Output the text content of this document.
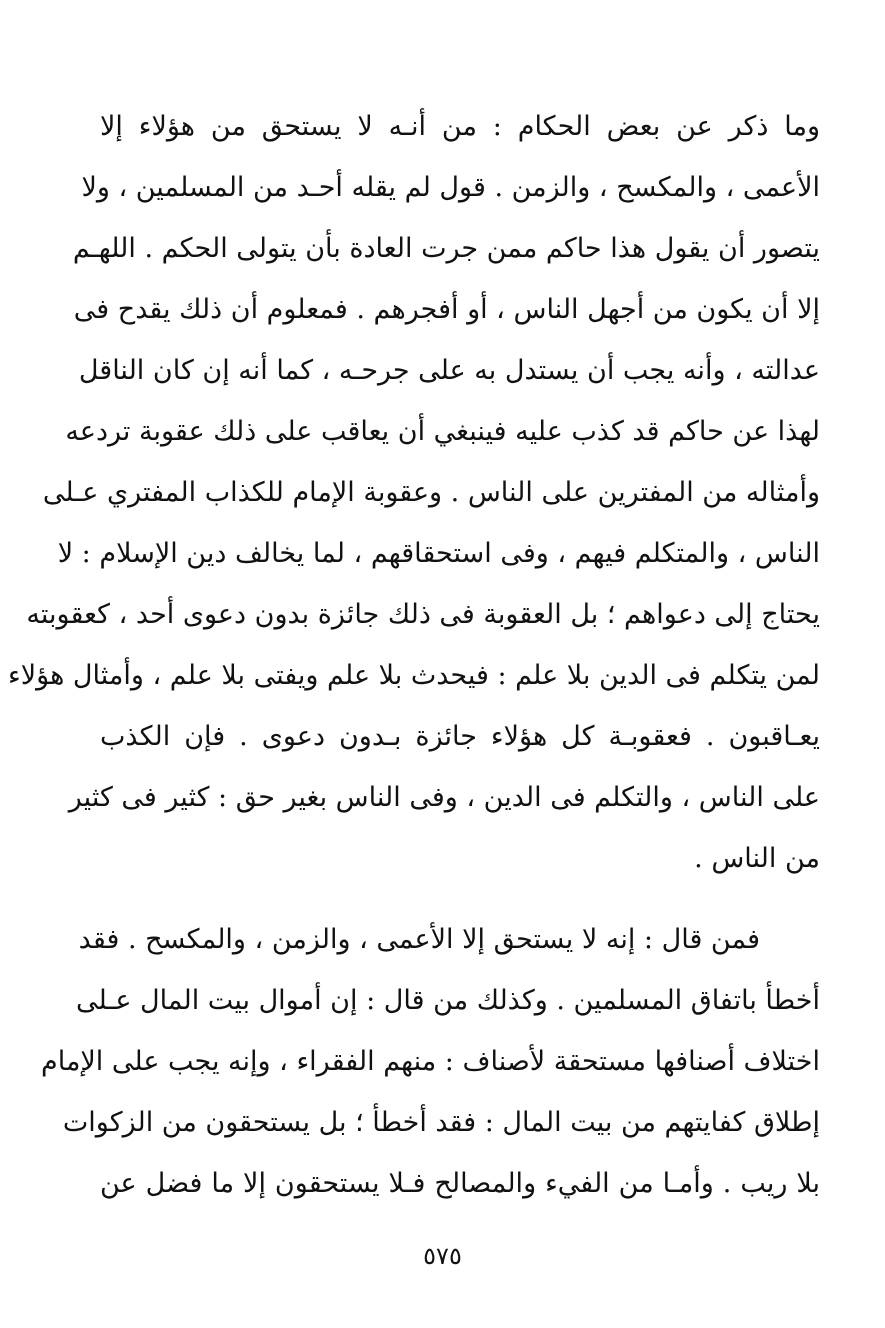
وما ذكر عن بعض الحكام : من أنـه لا يستحق من هؤلاء إلا
الأعمى ، والمكسح ، والزمن . قول لم يقله أحـد من المسلمين ، ولا
يتصور أن يقول هذا حاكم ممن جرت العادة بأن يتولى الحكم . اللهـم
إلا أن يكون من أجهل الناس ، أو أفجرهم . فمعلوم أن ذلك يقدح فى
عدالته ، وأنه يجب أن يستدل به على جرحـه ، كما أنه إن كان الناقل
لهذا عن حاكم قد كذب عليه فينبغي أن يعاقب على ذلك عقوبة تردعه
وأمثاله من المفترين على الناس . وعقوبة الإمام للكذاب المفتري عـلى
الناس ، والمتكلم فيهم ، وفى استحقاقهم ، لما يخالف دين الإسلام : لا
يحتاج إلى دعواهم ؛ بل العقوبة فى ذلك جائزة بدون دعوى أحد ، كعقوبته
لمن يتكلم فى الدين بلا علم : فيحدث بلا علم ويفتى بلا علم ، وأمثال هؤلاء
يعـاقبون . فعقوبـة كل هؤلاء جائزة بـدون دعوى . فإن الكذب
على الناس ، والتكلم فى الدين ، وفى الناس بغير حق : كثير فى كثير
من الناس .
فمن قال : إنه لا يستحق إلا الأعمى ، والزمن ، والمكسح . فقد
أخطأ باتفاق المسلمين . وكذلك من قال : إن أموال بيت المال عـلى
اختلاف أصنافها مستحقة لأصناف : منهم الفقراء ، وإنه يجب على الإمام
إطلاق كفايتهم من بيت المال : فقد أخطأ ؛ بل يستحقون من الزكوات
بلا ريب . وأمـا من الفيء والمصالح فـلا يستحقون إلا ما فضل عن
٥٧٥
